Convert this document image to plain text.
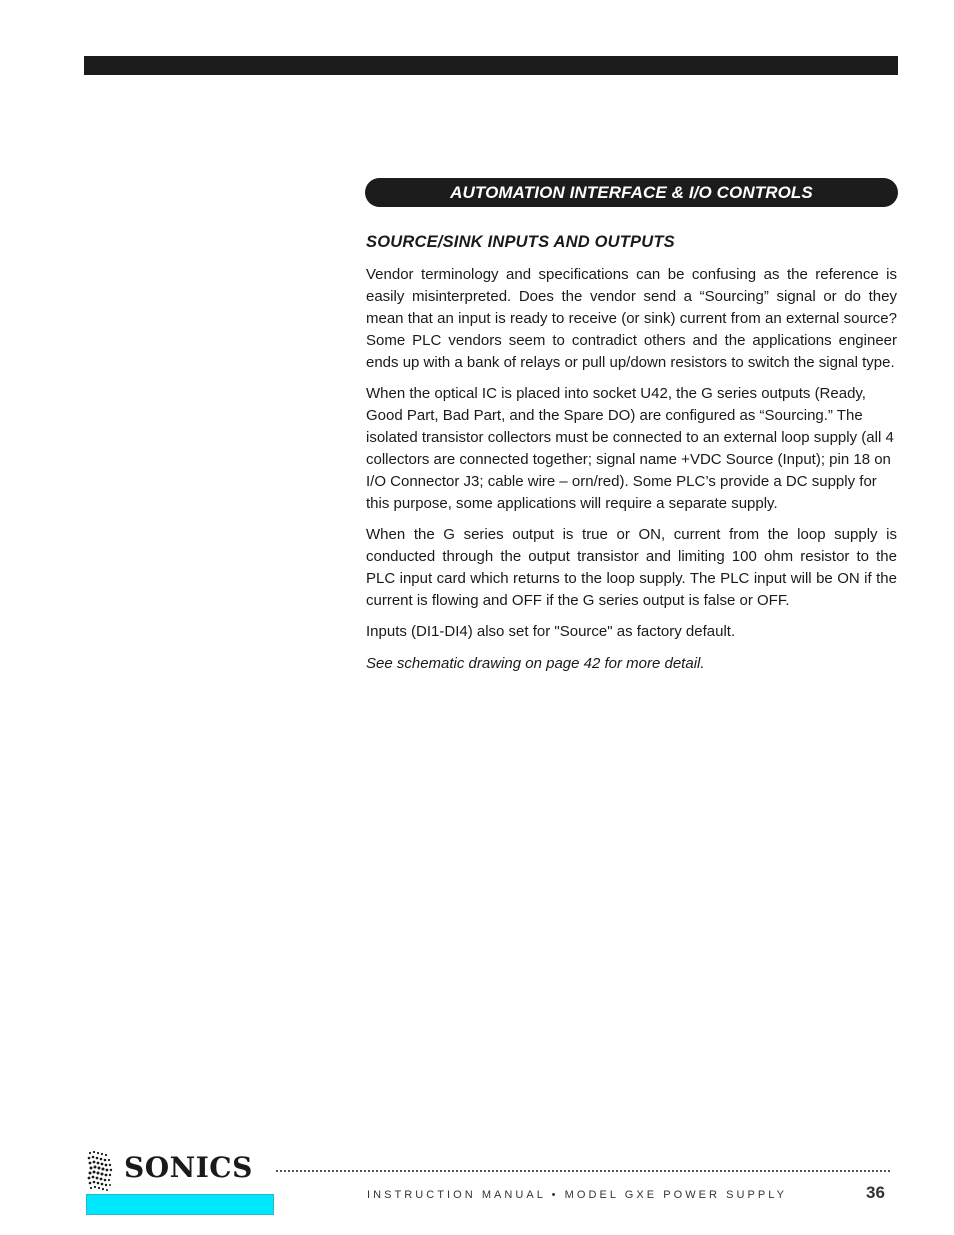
AUTOMATION INTERFACE & I/O CONTROLS
SOURCE/SINK INPUTS AND OUTPUTS

Vendor terminology and specifications can be confusing as the reference is easily misinterpreted. Does the vendor send a “Sourcing” signal or do they mean that an input is ready to receive (or sink) current from an external source? Some PLC vendors seem to contradict others and the applications engineer ends up with a bank of relays or pull up/down resistors to switch the signal type.

When the optical IC is placed into socket U42, the G series outputs (Ready, Good Part, Bad Part, and the Spare DO) are configured as “Sourcing.” The isolated transistor collectors must be connected to an external loop supply (all 4 collectors are connected together; signal name +VDC Source (Input); pin 18 on I/O Connector J3; cable wire – orn/red). Some PLC’s provide a DC supply for this purpose, some applications will require a separate supply.

When the G series output is true or ON, current from the loop supply is conducted through the output transistor and limiting 100 ohm resistor to the PLC input card which returns to the loop supply. The PLC input will be ON if the current is flowing and OFF if the G series output is false or OFF.

Inputs (DI1-DI4) also set for "Source" as factory default.

See schematic drawing on page 42 for more detail.

SONICS
INSTRUCTION MANUAL • MODEL GXE POWER SUPPLY	36
